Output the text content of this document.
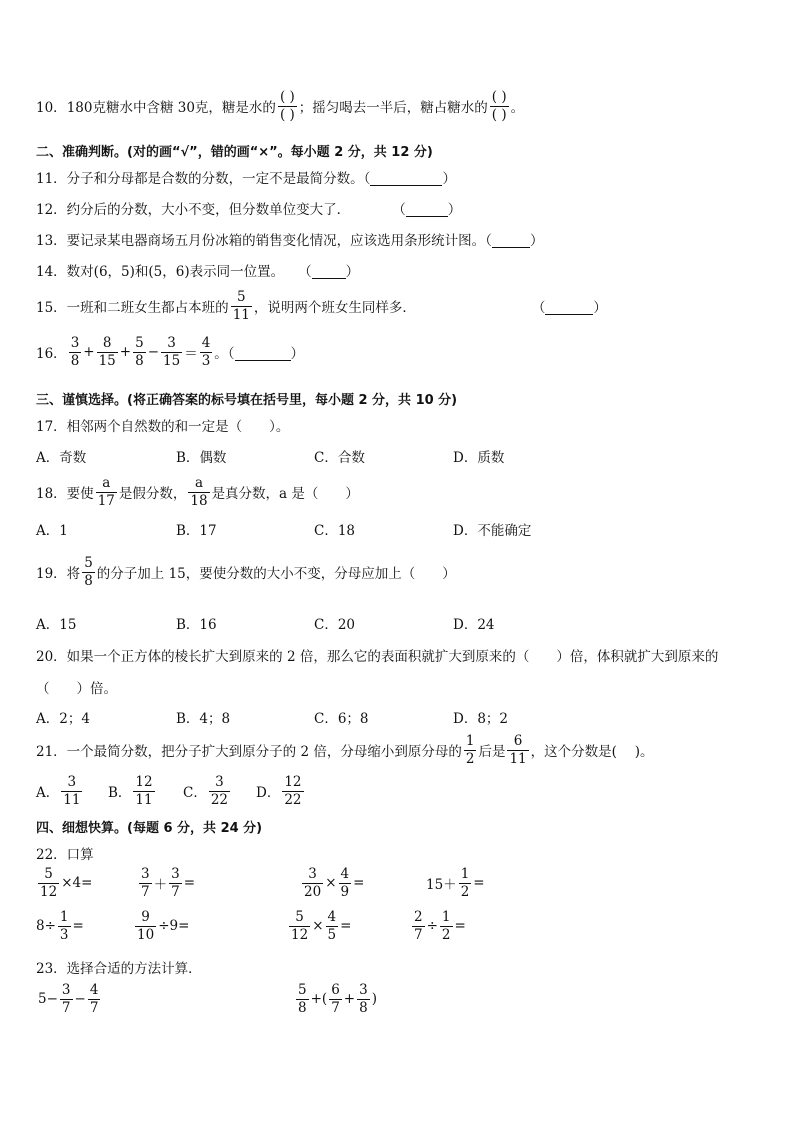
10． 180克糖水中含糖 30克，糖是水的 $\frac{( )}{( )}$ ；摇匀喝去一半后，糖占糖水的 $\frac{( )}{( )}$ 。
二、准确判断。(对的画“√”，错的画“×”。每小题 2 分，共 12 分)
11．分子和分母都是合数的分数，一定不是最简分数。（
	）
12．约分后的分数，大小不变，但分数单位变大了．	（
	）
13．要记录某电器商场五月份冰箱的销售变化情况，应该选用条形统计图。（
	）
14．数对(6，5)和(5，6)表示同一位置。 （
	）
15．一班和二班女生都占本班的 $\frac{5}{11}$ ，说明两个班女生同样多．	（
	）
16． $\frac{3}{8} + \frac{8}{15} + \frac{5}{8} - \frac{3}{15} = \frac{4}{3}$ 。（
	）
三、谨慎选择。(将正确答案的标号填在括号里，每小题 2 分，共 10 分)
17．相邻两个自然数的和一定是（　　）。
A．奇数	B．偶数	C．合数	D．质数
18．要使 $\frac{a}{17}$ 是假分数， $\frac{a}{18}$ 是真分数，a 是（　　）
A．1	B．17	C．18	D．不能确定
19．将 $\frac{5}{8}$ 的分子加上 15，要使分数的大小不变，分母应加上（　　）
A．15	B．16	C．20	D．24
20．如果一个正方体的棱长扩大到原来的 2 倍，那么它的表面积就扩大到原来的（　　）倍，体积就扩大到原来的
（　　）倍。
A．2；4	B．4；8	C．6；8	D．8；2
21．一个最简分数，把分子扩大到原分子的 2 倍，分母缩小到原分母的 $\frac{1}{2}$ 后是 $\frac{6}{11}$ ，这个分数是(　 )。
A． $\frac{3}{11}$ B． $\frac{12}{11}$ C． $\frac{3}{22}$ D． $\frac{12}{22}$
四、细想快算。(每题 6 分，共 24 分)
22．口算
$\frac{5}{12} \times 4=$	$\frac{3}{7} + \frac{3}{7}$ =	$\frac{3}{20} \times \frac{4}{9}$ =	$15+ \frac{1}{2}$ =
$8\div \frac{1}{3}$ =	$\frac{9}{10} \div 9=$	$\frac{5}{12} \times \frac{4}{5}$ =	$\frac{2}{7} \div \frac{1}{2}$ =
23．选择合适的方法计算．
$5- \frac{3}{7} - \frac{4}{7}$	$\frac{5}{8}$ +( $\frac{6}{7} + \frac{3}{8}$ )
